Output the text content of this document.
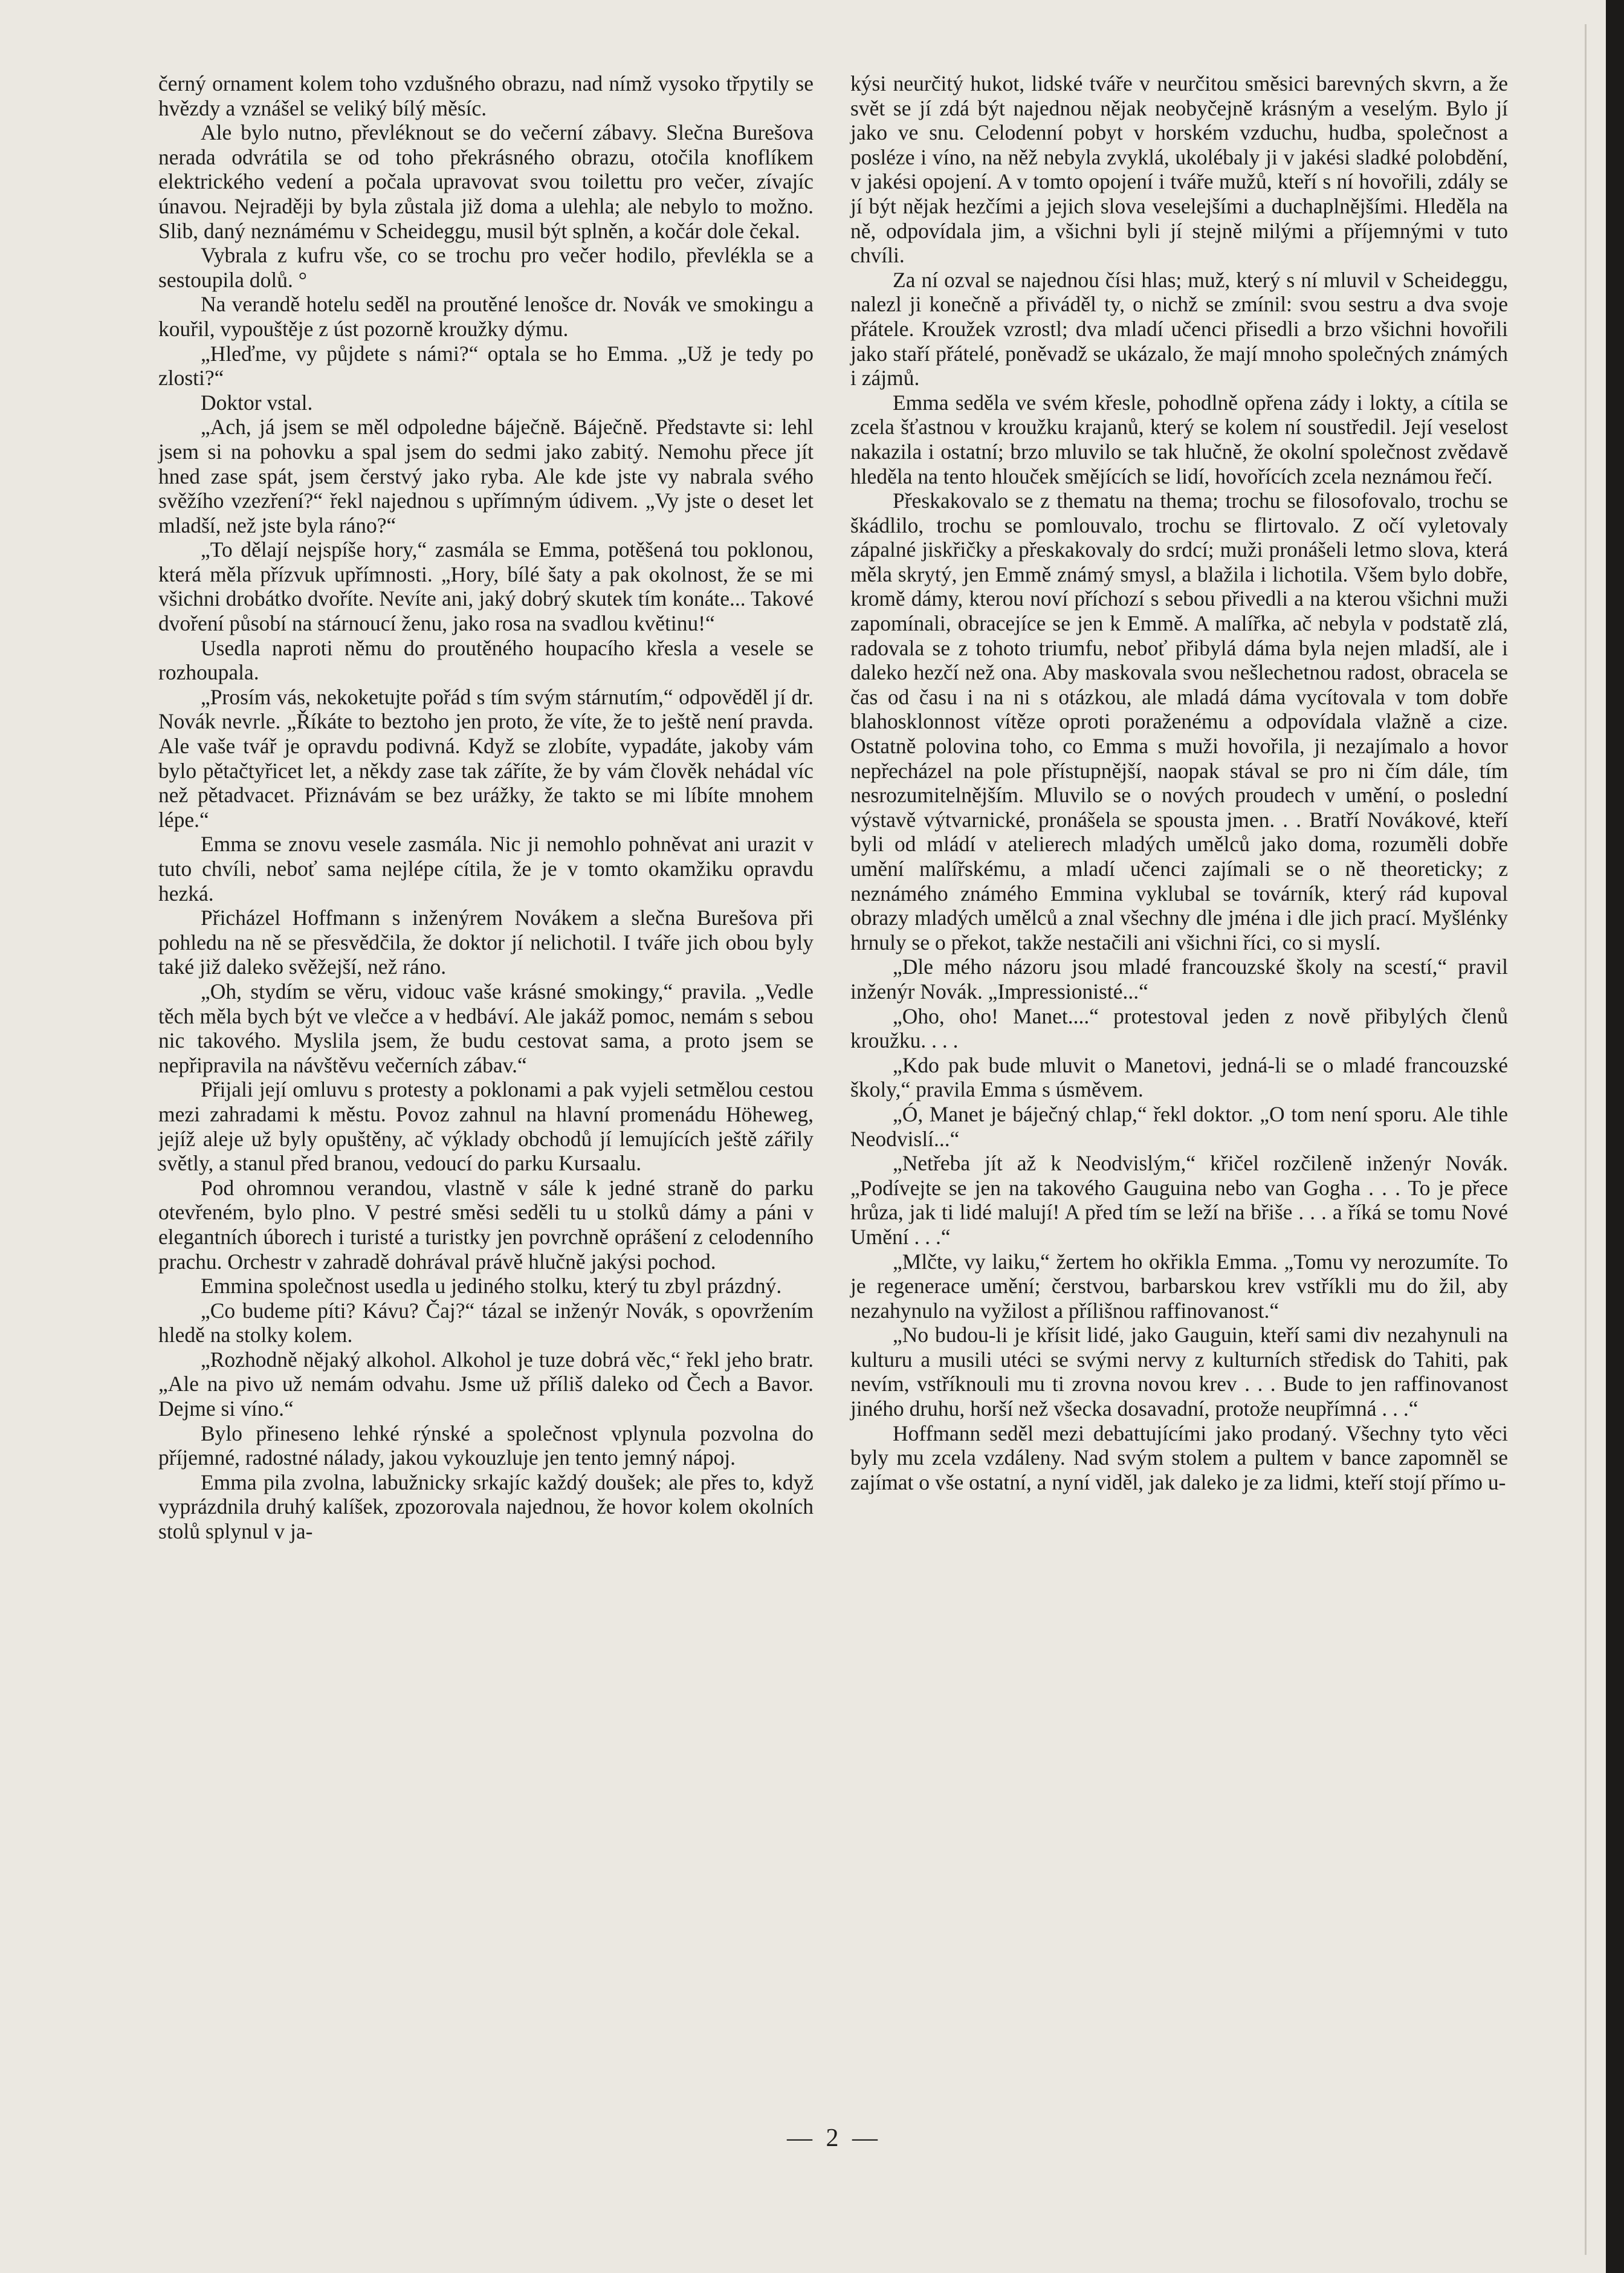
černý ornament kolem toho vzdušného obrazu, nad nímž vysoko třpytily se hvězdy a vznášel se veliký bílý měsíc.

Ale bylo nutno, převléknout se do večerní zábavy. Slečna Burešova nerada odvrátila se od toho překrásného obrazu, otočila knoflíkem elektrického vedení a počala upravovat svou toilettu pro večer, zívajíc únavou. Nejraději by byla zůstala již doma a ulehla; ale nebylo to možno. Slib, daný neznámému v Scheideggu, musil být splněn, a kočár dole čekal.

Vybrala z kufru vše, co se trochu pro večer hodilo, převlékla se a sestoupila dolů. °

Na verandě hotelu seděl na proutěné lenošce dr. Novák ve smokingu a kouřil, vypouštěje z úst pozorně kroužky dýmu.

„Hleďme, vy půjdete s námi?“ optala se ho Emma. „Už je tedy po zlosti?“

Doktor vstal.

„Ach, já jsem se měl odpoledne báječně. Báječně. Představte si: lehl jsem si na pohovku a spal jsem do sedmi jako zabitý. Nemohu přece jít hned zase spát, jsem čerstvý jako ryba. Ale kde jste vy nabrala svého svěžího vzezření?“ řekl najednou s upřímným údivem. „Vy jste o deset let mladší, než jste byla ráno?“

„To dělají nejspíše hory,“ zasmála se Emma, potěšená tou poklonou, která měla přízvuk upřímnosti. „Hory, bílé šaty a pak okolnost, že se mi všichni drobátko dvoříte. Nevíte ani, jaký dobrý skutek tím konáte... Takové dvoření působí na stárnoucí ženu, jako rosa na svadlou květinu!“

Usedla naproti němu do proutěného houpacího křesla a vesele se rozhoupala.

„Prosím vás, nekoketujte pořád s tím svým stárnutím,“ odpověděl jí dr. Novák nevrle. „Říkáte to beztoho jen proto, že víte, že to ještě není pravda. Ale vaše tvář je opravdu podivná. Když se zlobíte, vypadáte, jakoby vám bylo pětačtyřicet let, a někdy zase tak záříte, že by vám člověk nehádal víc než pětadvacet. Přiznávám se bez urážky, že takto se mi líbíte mnohem lépe.“

Emma se znovu vesele zasmála. Nic ji nemohlo pohněvat ani urazit v tuto chvíli, neboť sama nejlépe cítila, že je v tomto okamžiku opravdu hezká.

Přicházel Hoffmann s inženýrem Novákem a slečna Burešova při pohledu na ně se přesvědčila, že doktor jí nelichotil. I tváře jich obou byly také již daleko svěžejší, než ráno.

„Oh, stydím se věru, vidouc vaše krásné smokingy,“ pravila. „Vedle těch měla bych být ve vlečce a v hedbáví. Ale jakáž pomoc, nemám s sebou nic takového. Myslila jsem, že budu cestovat sama, a proto jsem se nepřipravila na návštěvu večerních zábav.“

Přijali její omluvu s protesty a poklonami a pak vyjeli setmělou cestou mezi zahradami k městu. Povoz zahnul na hlavní promenádu Höheweg, jejíž aleje už byly opuštěny, ač výklady obchodů jí lemujících ještě zářily světly, a stanul před branou, vedoucí do parku Kursaalu.

Pod ohromnou verandou, vlastně v sále k jedné straně do parku otevřeném, bylo plno. V pestré směsi seděli tu u stolků dámy a páni v elegantních úborech i turisté a turistky jen povrchně oprášení z celodenního prachu. Orchestr v zahradě dohrával právě hlučně jakýsi pochod.

Emmina společnost usedla u jediného stolku, který tu zbyl prázdný.

„Co budeme píti? Kávu? Čaj?“ tázal se inženýr Novák, s opovržením hledě na stolky kolem.

„Rozhodně nějaký alkohol. Alkohol je tuze dobrá věc,“ řekl jeho bratr. „Ale na pivo už nemám odvahu. Jsme už příliš daleko od Čech a Bavor. Dejme si víno.“

Bylo přineseno lehké rýnské a společnost vplynula pozvolna do příjemné, radostné nálady, jakou vykouzluje jen tento jemný nápoj.

Emma pila zvolna, labužnicky srkajíc každý doušek; ale přes to, když vyprázdnila druhý kalíšek, zpozorovala najednou, že hovor kolem okolních stolů splynul v ja-

kýsi neurčitý hukot, lidské tváře v neurčitou směsici barevných skvrn, a že svět se jí zdá být najednou nějak neobyčejně krásným a veselým. Bylo jí jako ve snu. Celodenní pobyt v horském vzduchu, hudba, společnost a posléze i víno, na něž nebyla zvyklá, ukolébaly ji v jakési sladké polobdění, v jakési opojení. A v tomto opojení i tváře mužů, kteří s ní hovořili, zdály se jí být nějak hezčími a jejich slova veselejšími a duchaplnějšími. Hleděla na ně, odpovídala jim, a všichni byli jí stejně milými a příjemnými v tuto chvíli.

Za ní ozval se najednou čísi hlas; muž, který s ní mluvil v Scheideggu, nalezl ji konečně a přiváděl ty, o nichž se zmínil: svou sestru a dva svoje přátele. Kroužek vzrostl; dva mladí učenci přisedli a brzo všichni hovořili jako staří přátelé, poněvadž se ukázalo, že mají mnoho společných známých i zájmů.

Emma seděla ve svém křesle, pohodlně opřena zády i lokty, a cítila se zcela šťastnou v kroužku krajanů, který se kolem ní soustředil. Její veselost nakazila i ostatní; brzo mluvilo se tak hlučně, že okolní společnost zvědavě hleděla na tento hlouček smějících se lidí, hovořících zcela neznámou řečí.

Přeskakovalo se z thematu na thema; trochu se filosofovalo, trochu se škádlilo, trochu se pomlouvalo, trochu se flirtovalo. Z očí vyletovaly zápalné jiskřičky a přeskakovaly do srdcí; muži pronášeli letmo slova, která měla skrytý, jen Emmě známý smysl, a blažila i lichotila. Všem bylo dobře, kromě dámy, kterou noví příchozí s sebou přivedli a na kterou všichni muži zapomínali, obracejíce se jen k Emmě. A malířka, ač nebyla v podstatě zlá, radovala se z tohoto triumfu, neboť přibylá dáma byla nejen mladší, ale i daleko hezčí než ona. Aby maskovala svou nešlechetnou radost, obracela se čas od času i na ni s otázkou, ale mladá dáma vycítovala v tom dobře blahosklonnost vítěze oproti poraženému a odpovídala vlažně a cize. Ostatně polovina toho, co Emma s muži hovořila, ji nezajímalo a hovor nepřecházel na pole přístupnější, naopak stával se pro ni čím dále, tím nesrozumitelnějším. Mluvilo se o nových proudech v umění, o poslední výstavě výtvarnické, pronášela se spousta jmen. . . Bratří Novákové, kteří byli od mládí v atelierech mladých umělců jako doma, rozuměli dobře umění malířskému, a mladí učenci zajímali se o ně theoreticky; z neznámého známého Emmina vyklubal se továrník, který rád kupoval obrazy mladých umělců a znal všechny dle jména i dle jich prací. Myšlénky hrnuly se o překot, takže nestačili ani všichni říci, co si myslí.

„Dle mého názoru jsou mladé francouzské školy na scestí,“ pravil inženýr Novák. „Impressionisté...“

„Oho, oho! Manet....“ protestoval jeden z nově přibylých členů kroužku. . . .

„Kdo pak bude mluvit o Manetovi, jedná-li se o mladé francouzské školy,“ pravila Emma s úsměvem.

„Ó, Manet je báječný chlap,“ řekl doktor. „O tom není sporu. Ale tihle Neodvislí...“

„Netřeba jít až k Neodvislým,“ křičel rozčileně inženýr Novák. „Podívejte se jen na takového Gauguina nebo van Gogha . . . To je přece hrůza, jak ti lidé malují! A před tím se leží na břiše . . . a říká se tomu Nové Umění . . .“

„Mlčte, vy laiku,“ žertem ho okřikla Emma. „Tomu vy nerozumíte. To je regenerace umění; čerstvou, barbarskou krev vstříkli mu do žil, aby nezahynulo na vyžilost a přílišnou raffinovanost.“

„No budou-li je křísit lidé, jako Gauguin, kteří sami div nezahynuli na kulturu a musili utéci se svými nervy z kulturních středisk do Tahiti, pak nevím, vstříknouli mu ti zrovna novou krev . . . Bude to jen raffinovanost jiného druhu, horší než všecka dosavadní, protože neupřímná . . .“

Hoffmann seděl mezi debattujícími jako prodaný. Všechny tyto věci byly mu zcela vzdáleny. Nad svým stolem a pultem v bance zapomněl se zajímat o vše ostatní, a nyní viděl, jak daleko je za lidmi, kteří stojí přímo u-

— 2 —
